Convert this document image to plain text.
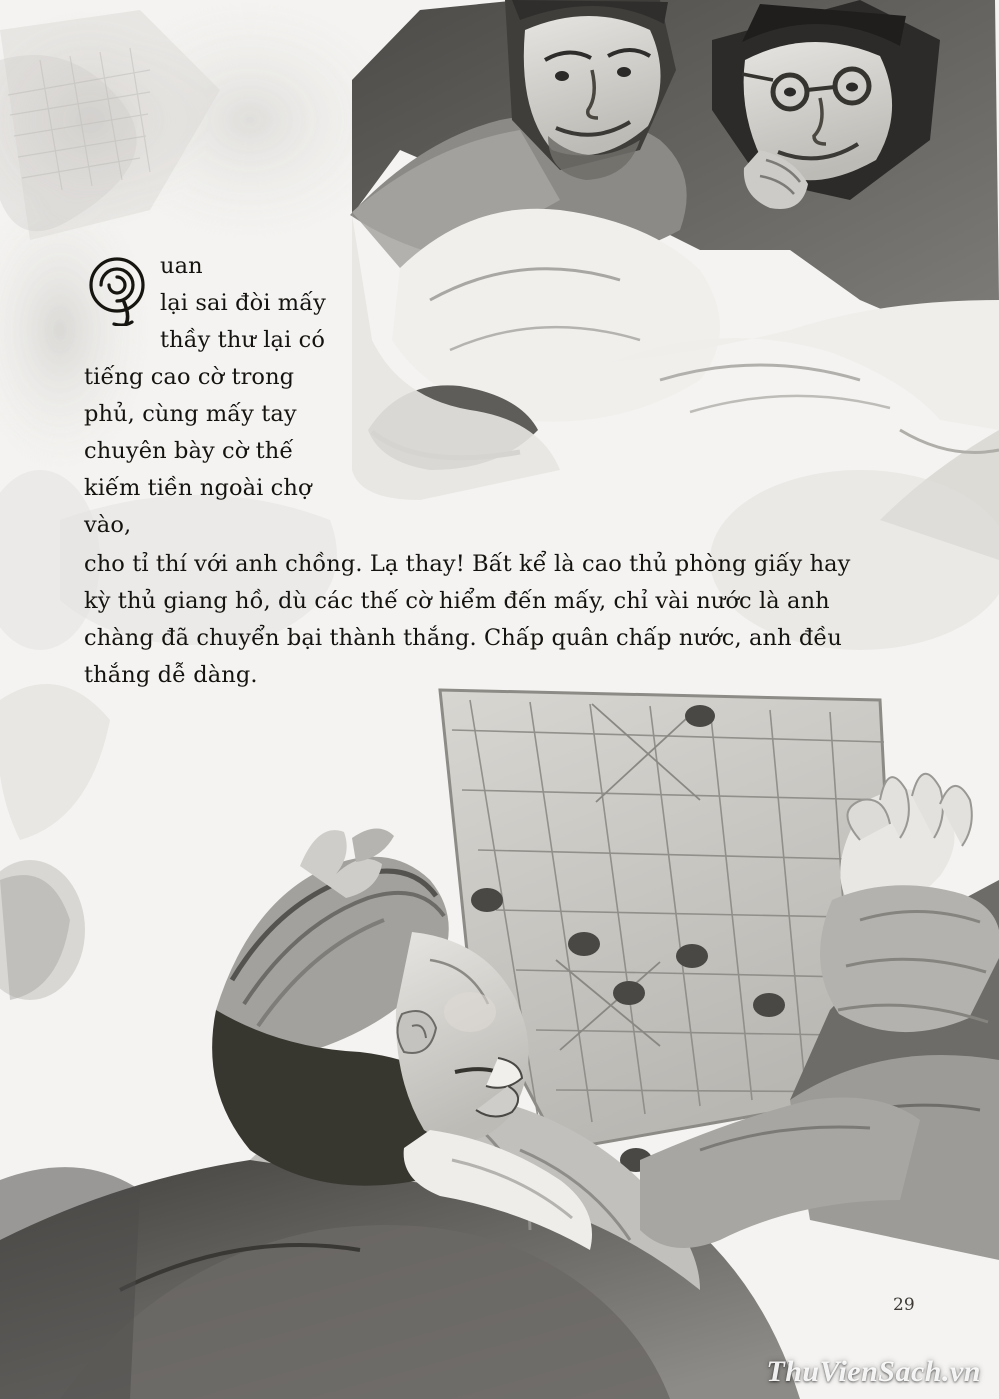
uan

lại sai đòi mấy

thầy thư lại có

tiếng cao cờ trong

phủ, cùng mấy tay

chuyên bày cờ thế

kiếm tiền ngoài chợ vào,

cho tỉ thí với anh chồng. Lạ thay! Bất kể là cao thủ phòng giấy hay

kỳ thủ giang hồ, dù các thế cờ hiểm đến mấy, chỉ vài nước là anh

chàng đã chuyển bại thành thắng. Chấp quân chấp nước, anh đều

thắng dễ dàng.

29
ThuVienSach.vn
